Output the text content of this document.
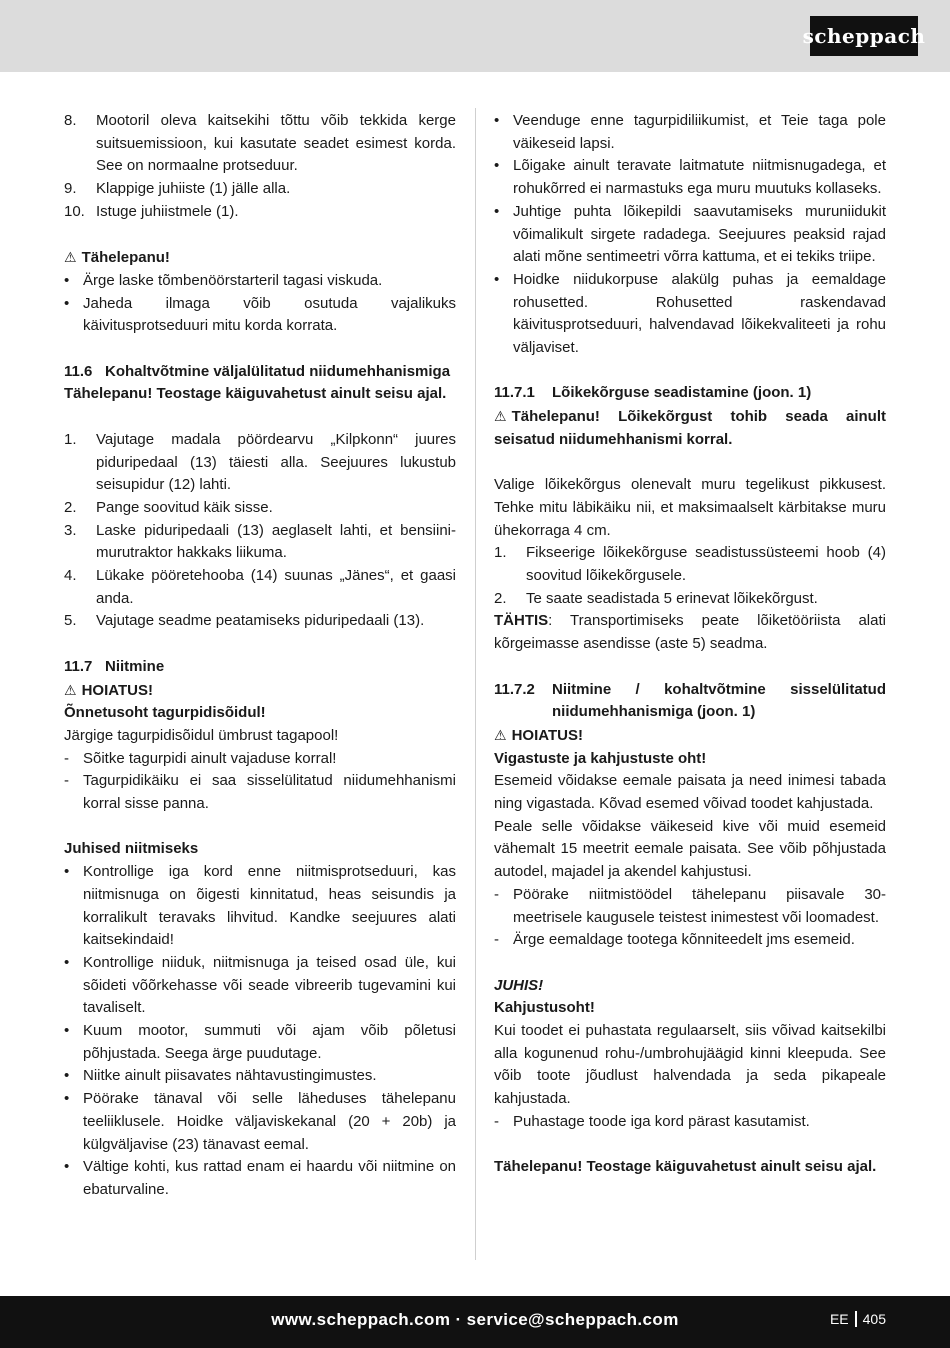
scheppach
8.	Mootoril oleva kaitsekihi tõttu võib tekkida kerge suitsuemissioon, kui kasutate seadet esimest korda. See on normaalne protseduur.
9.	Klappige juhiiste (1) jälle alla.
10. Istuge juhiistmele (1).

⚠ Tähelepanu!

• Ärge laske tõmbenöörstarteril tagasi viskuda.
• Jaheda ilmaga võib osutuda vajalikuks käivitusprotseduuri mitu korda korrata.
11.6 Kohaltvõtmine väljalülitatud niidumehhanismiga

Tähelepanu! Teostage käiguvahetust ainult seisu ajal.

1.	Vajutage madala pöördearvu „Kilpkonn“ juures piduripedaal (13) täiesti alla. Seejuures lukustub seisupidur (12) lahti.
2.	Pange soovitud käik sisse.
3.	Laske piduripedaali (13) aeglaselt lahti, et bensiini-murutraktor hakkaks liikuma.
4.	Lükake pööretehooba (14) suunas „Jänes“, et gaasi anda.
5.	Vajutage seadme peatamiseks piduripedaali (13).
11.7 Niitmine

⚠ HOIATUS!

Õnnetusoht tagurpidisõidul!

Järgige tagurpidisõidul ümbrust tagapool!

- Sõitke tagurpidi ainult vajaduse korral!
- Tagurpidikäiku ei saa sisselülitatud niidumehhanismi korral sisse panna.

Juhised niitmiseks

• Kontrollige iga kord enne niitmisprotseduuri, kas niitmisnuga on õigesti kinnitatud, heas seisundis ja korralikult teravaks lihvitud. Kandke seejuures alati kaitsekindaid!
• Kontrollige niiduk, niitmisnuga ja teised osad üle, kui sõideti võõrkehasse või seade vibreerib tugevamini kui tavaliselt.
• Kuum mootor, summuti või ajam võib põletusi põhjustada. Seega ärge puudutage.
• Niitke ainult piisavates nähtavustingimustes.
• Pöörake tänaval või selle läheduses tähelepanu teeliiklusele. Hoidke väljaviskekanal (20 + 20b) ja külgväljavise (23) tänavast eemal.
• Vältige kohti, kus rattad enam ei haardu või niitmine on ebaturvaline.
• Veenduge enne tagurpidiliikumist, et Teie taga pole väikeseid lapsi.
• Lõigake ainult teravate laitmatute niitmisnugadega, et rohukõrred ei narmastuks ega muru muutuks kollaseks.
• Juhtige puhta lõikepildi saavutamiseks muruniidukit võimalikult sirgete radadega. Seejuures peaksid rajad alati mõne sentimeetri võrra kattuma, et ei tekiks triipe.
• Hoidke niidukorpuse alakülg puhas ja eemaldage rohusetted. Rohusetted raskendavad käivitusprotseduuri, halvendavad lõikekvaliteeti ja rohu väljaviset.
11.7.1	Lõikekõrguse seadistamine (joon. 1)

⚠ Tähelepanu! Lõikekõrgust tohib seada ainult seisatud niidumehhanismi korral.

Valige lõikekõrgus olenevalt muru tegelikust pikkusest. Tehke mitu läbikäiku nii, et maksimaalselt kärbitakse muru ühekorraga 4 cm.

1.	Fikseerige lõikekõrguse seadistussüsteemi hoob (4) soovitud lõikekõrgusele.
2.	Te saate seadistada 5 erinevat lõikekõrgust.

TÄHTIS: Transportimiseks peate lõiketööriista alati kõrgeimasse asendisse (aste 5) seadma.

11.7.2	Niitmine / kohaltvõtmine sisselülitatud niidumehhanismiga (joon. 1)

⚠ HOIATUS!

Vigastuste ja kahjustuste oht!

Esemeid võidakse eemale paisata ja need inimesi tabada ning vigastada. Kõvad esemed võivad toodet kahjustada.

Peale selle võidakse väikeseid kive või muid esemeid vähemalt 15 meetrit eemale paisata. See võib põhjustada autodel, majadel ja akendel kahjustusi.

- Pöörake niitmistöödel tähelepanu piisavale 30-meetrisele kaugusele teistest inimestest või loomadest.
- Ärge eemaldage tootega kõnniteedelt jms esemeid.

JUHIS!

Kahjustusoht!

Kui toodet ei puhastata regulaarselt, siis võivad kaitsekilbi alla kogunenud rohu-/umbrohujäägid kinni kleepuda. See võib toote jõudlust halvendada ja seda pikapeale kahjustada.

- Puhastage toode iga kord pärast kasutamist.

Tähelepanu! Teostage käiguvahetust ainult seisu ajal.

www.scheppach.com · service@scheppach.com	EE 405
